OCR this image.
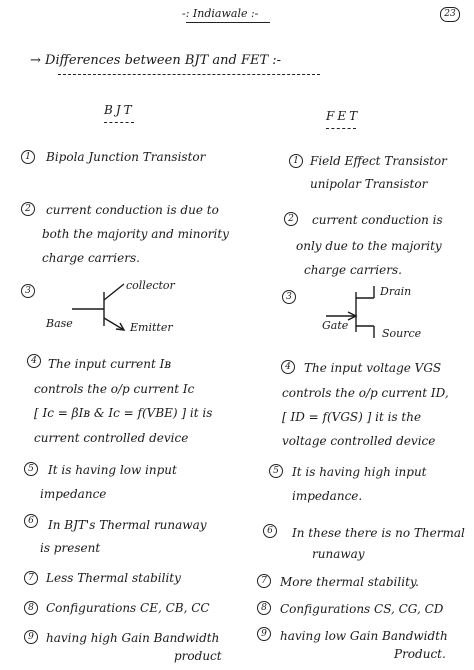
-: Indiawale :-	23
→ Differences between BJT and FET :-
BJT	FET
1	Bipola Junction Transistor
2	current conduction is due to
both the majority and minority
charge carriers.
3	collector
Base	Emitter
4 The input current Iʙ
controls the o/p current Ic
[ Ic = βIʙ & Ic = f(VBE) ] it is
current controlled device
5	It is having low input
impedance
6	In BJT's Thermal runaway
is present
7	Less Thermal stability
8	Configurations CE, CB, CC
9	having high Gain Bandwidth
product
1 Field Effect Transistor
unipolar Transistor
2	current conduction is
only due to the majority
charge carriers.
3	Drain
Gate
Source
4	The input voltage VGS
controls the o/p current ID,
[ ID = f(VGS) ] it is the
voltage controlled device
5	It is having high input
impedance.
6	In these there is no Thermal
runaway
7	More thermal stability.
8	Configurations CS, CG, CD
9	having low Gain Bandwidth
Product.
